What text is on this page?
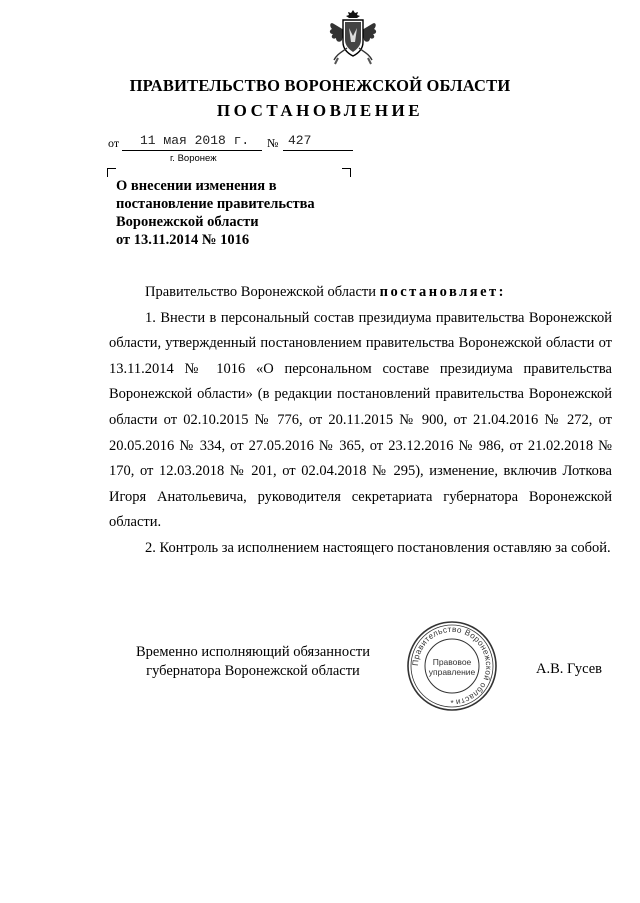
ПРАВИТЕЛЬСТВО ВОРОНЕЖСКОЙ ОБЛАСТИ
ПОСТАНОВЛЕНИЕ
от 11 мая 2018 г. № 427
г. Воронеж
О внесении изменения в
постановление правительства
Воронежской области
от 13.11.2014 № 1016

Правительство Воронежской области постановляет:

1. Внести в персональный состав президиума правительства Воронежской области, утвержденный постановлением правительства Воронежской области от 13.11.2014 № 1016 «О персональном составе президиума правительства Воронежской области» (в редакции постановлений правительства Воронежской области от 02.10.2015 № 776, от 20.11.2015 № 900, от 21.04.2016 № 272, от 20.05.2016 № 334, от 27.05.2016 № 365, от 23.12.2016 № 986, от 21.02.2018 № 170, от 12.03.2018 № 201, от 02.04.2018 № 295), изменение, включив Лоткова Игоря Анатольевича, руководителя секретариата губернатора Воронежской области.

2. Контроль за исполнением настоящего постановления оставляю за собой.

Временно исполняющий обязанности
губернатора Воронежской области	А.В. Гусев
Правительство Воронежской области
Правовое
управление
*
